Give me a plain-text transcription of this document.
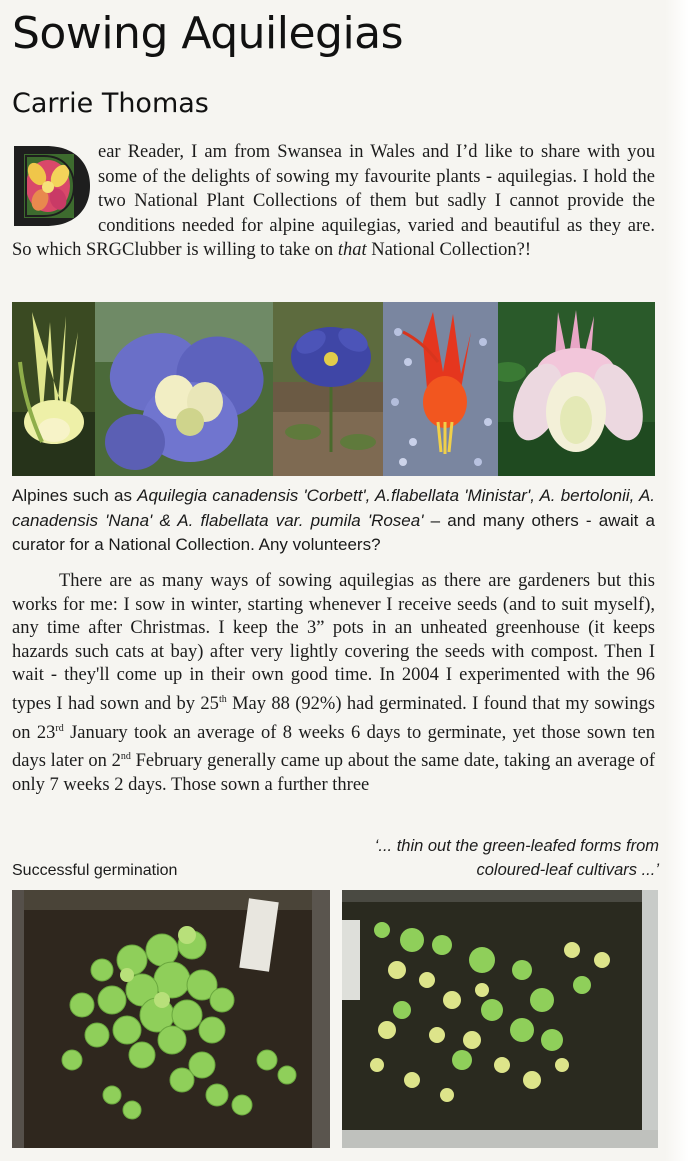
Sowing Aquilegias
Carrie Thomas
ear Reader, I am from Swansea in Wales and I’d like to share with you some of the delights of sowing my favourite plants - aquilegias. I hold the two National Plant Collections of them but sadly I cannot provide the conditions needed for alpine aquilegias, varied and beautiful as they are. So which SRGClubber is willing to take on that National Collection?!
Alpines such as Aquilegia canadensis 'Corbett', A.flabellata 'Ministar', A. bertolonii, A. canadensis 'Nana' & A. flabellata var. pumila 'Rosea' – and many others - await a curator for a National Collection. Any volunteers?
There are as many ways of sowing aquilegias as there are gardeners but this works for me: I sow in winter, starting whenever I receive seeds (and to suit myself), any time after Christmas. I keep the 3” pots in an unheated greenhouse (it keeps hazards such cats at bay) after very lightly covering the seeds with compost. Then I wait - they'll come up in their own good time. In 2004 I experimented with the 96 types I had sown and by 25th May 88 (92%) had germinated. I found that my sowings on 23rd January took an average of 8 weeks 6 days to germinate, yet those sown ten days later on 2nd February generally came up about the same date, taking an average of only 7 weeks 2 days. Those sown a further three
Successful germination
‘... thin out the green-leafed forms from coloured-leaf cultivars ...’
